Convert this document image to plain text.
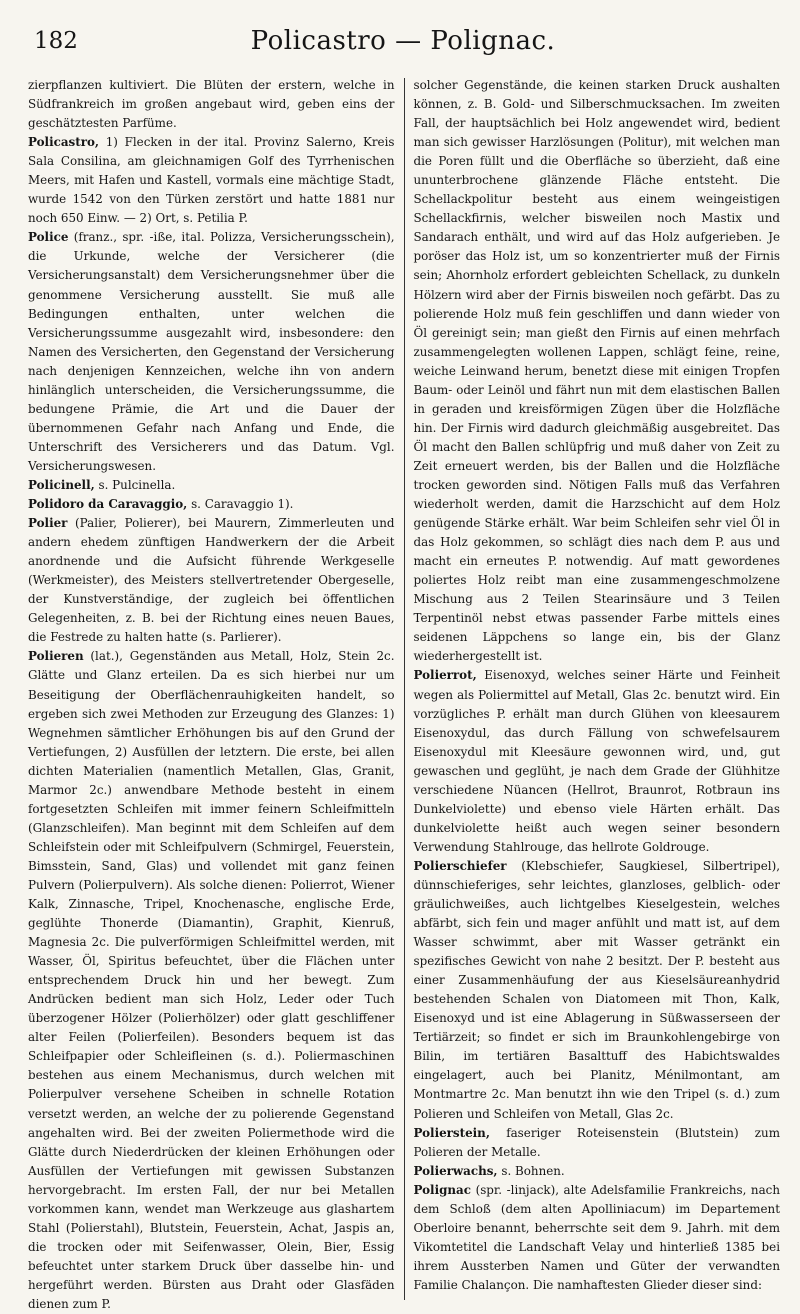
182	Policastro — Polignac.

zierpflanzen kultiviert. Die Blüten der erstern, welche in Südfrankreich im großen angebaut wird, geben eins der geschätztesten Parfüme.

Policastro, 1) Flecken in der ital. Provinz Salerno, Kreis Sala Consilina, am gleichnamigen Golf des Tyrrhenischen Meers, mit Hafen und Kastell, vormals eine mächtige Stadt, wurde 1542 von den Türken zerstört und hatte 1881 nur noch 650 Einw. — 2) Ort, s. Petilia P.

Police (franz., spr. -iße, ital. Polizza, Versicherungsschein), die Urkunde, welche der Versicherer (die Versicherungsanstalt) dem Versicherungsnehmer über die genommene Versicherung ausstellt. Sie muß alle Bedingungen enthalten, unter welchen die Versicherungssumme ausgezahlt wird, insbesondere: den Namen des Versicherten, den Gegenstand der Versicherung nach denjenigen Kennzeichen, welche ihn von andern hinlänglich unterscheiden, die Versicherungssumme, die bedungene Prämie, die Art und die Dauer der übernommenen Gefahr nach Anfang und Ende, die Unterschrift des Versicherers und das Datum. Vgl. Versicherungswesen.

Policinell, s. Pulcinella.

Polidoro da Caravaggio, s. Caravaggio 1).

Polier (Palier, Polierer), bei Maurern, Zimmerleuten und andern ehedem zünftigen Handwerkern der die Arbeit anordnende und die Aufsicht führende Werkgeselle (Werkmeister), des Meisters stellvertretender Obergeselle, der Kunstverständige, der zugleich bei öffentlichen Gelegenheiten, z. B. bei der Richtung eines neuen Baues, die Festrede zu halten hatte (s. Parlierer).

Polieren (lat.), Gegenständen aus Metall, Holz, Stein 2c. Glätte und Glanz erteilen. Da es sich hierbei nur um Beseitigung der Oberflächenrauhigkeiten handelt, so ergeben sich zwei Methoden zur Erzeugung des Glanzes: 1) Wegnehmen sämtlicher Erhöhungen bis auf den Grund der Vertiefungen, 2) Ausfüllen der letztern. Die erste, bei allen dichten Materialien (namentlich Metallen, Glas, Granit, Marmor 2c.) anwendbare Methode besteht in einem fortgesetzten Schleifen mit immer feinern Schleifmitteln (Glanzschleifen). Man beginnt mit dem Schleifen auf dem Schleifstein oder mit Schleifpulvern (Schmirgel, Feuerstein, Bimsstein, Sand, Glas) und vollendet mit ganz feinen Pulvern (Polierpulvern). Als solche dienen: Polierrot, Wiener Kalk, Zinnasche, Tripel, Knochenasche, englische Erde, geglühte Thonerde (Diamantin), Graphit, Kienruß, Magnesia 2c. Die pulverförmigen Schleifmittel werden, mit Wasser, Öl, Spiritus befeuchtet, über die Flächen unter entsprechendem Druck hin und her bewegt. Zum Andrücken bedient man sich Holz, Leder oder Tuch überzogener Hölzer (Polierhölzer) oder glatt geschliffener alter Feilen (Polierfeilen). Besonders bequem ist das Schleifpapier oder Schleifleinen (s. d.). Poliermaschinen bestehen aus einem Mechanismus, durch welchen mit Polierpulver versehene Scheiben in schnelle Rotation versetzt werden, an welche der zu polierende Gegenstand angehalten wird. Bei der zweiten Poliermethode wird die Glätte durch Niederdrücken der kleinen Erhöhungen oder Ausfüllen der Vertiefungen mit gewissen Substanzen hervorgebracht. Im ersten Fall, der nur bei Metallen vorkommen kann, wendet man Werkzeuge aus glashartem Stahl (Polierstahl), Blutstein, Feuerstein, Achat, Jaspis an, die trocken oder mit Seifenwasser, Olein, Bier, Essig befeuchtet unter starkem Druck über dasselbe hin- und hergeführt werden. Bürsten aus Draht oder Glasfäden dienen zum P.

solcher Gegenstände, die keinen starken Druck aushalten können, z. B. Gold- und Silberschmucksachen. Im zweiten Fall, der hauptsächlich bei Holz angewendet wird, bedient man sich gewisser Harzlösungen (Politur), mit welchen man die Poren füllt und die Oberfläche so überzieht, daß eine ununterbrochene glänzende Fläche entsteht. Die Schellackpolitur besteht aus einem weingeistigen Schellackfirnis, welcher bisweilen noch Mastix und Sandarach enthält, und wird auf das Holz aufgerieben. Je poröser das Holz ist, um so konzentrierter muß der Firnis sein; Ahornholz erfordert gebleichten Schellack, zu dunkeln Hölzern wird aber der Firnis bisweilen noch gefärbt. Das zu polierende Holz muß fein geschliffen und dann wieder von Öl gereinigt sein; man gießt den Firnis auf einen mehrfach zusammengelegten wollenen Lappen, schlägt feine, reine, weiche Leinwand herum, benetzt diese mit einigen Tropfen Baum- oder Leinöl und fährt nun mit dem elastischen Ballen in geraden und kreisförmigen Zügen über die Holzfläche hin. Der Firnis wird dadurch gleichmäßig ausgebreitet. Das Öl macht den Ballen schlüpfrig und muß daher von Zeit zu Zeit erneuert werden, bis der Ballen und die Holzfläche trocken geworden sind. Nötigen Falls muß das Verfahren wiederholt werden, damit die Harzschicht auf dem Holz genügende Stärke erhält. War beim Schleifen sehr viel Öl in das Holz gekommen, so schlägt dies nach dem P. aus und macht ein erneutes P. notwendig. Auf matt gewordenes poliertes Holz reibt man eine zusammengeschmolzene Mischung aus 2 Teilen Stearinsäure und 3 Teilen Terpentinöl nebst etwas passender Farbe mittels eines seidenen Läppchens so lange ein, bis der Glanz wiederhergestellt ist.

Polierrot, Eisenoxyd, welches seiner Härte und Feinheit wegen als Poliermittel auf Metall, Glas 2c. benutzt wird. Ein vorzügliches P. erhält man durch Glühen von kleesaurem Eisenoxydul, das durch Fällung von schwefelsaurem Eisenoxydul mit Kleesäure gewonnen wird, und, gut gewaschen und geglüht, je nach dem Grade der Glühhitze verschiedene Nüancen (Hellrot, Braunrot, Rotbraun ins Dunkelviolette) und ebenso viele Härten erhält. Das dunkelviolette heißt auch wegen seiner besondern Verwendung Stahlrouge, das hellrote Goldrouge.

Polierschiefer (Klebschiefer, Saugkiesel, Silbertripel), dünnschieferiges, sehr leichtes, glanzloses, gelblich- oder gräulichweißes, auch lichtgelbes Kieselgestein, welches abfärbt, sich fein und mager anfühlt und matt ist, auf dem Wasser schwimmt, aber mit Wasser getränkt ein spezifisches Gewicht von nahe 2 besitzt. Der P. besteht aus einer Zusammenhäufung der aus Kieselsäureanhydrid bestehenden Schalen von Diatomeen mit Thon, Kalk, Eisenoxyd und ist eine Ablagerung in Süßwasserseen der Tertiärzeit; so findet er sich im Braunkohlengebirge von Bilin, im tertiären Basalttuff des Habichtswaldes eingelagert, auch bei Planitz, Ménilmontant, am Montmartre 2c. Man benutzt ihn wie den Tripel (s. d.) zum Polieren und Schleifen von Metall, Glas 2c.

Polierstein, faseriger Roteisenstein (Blutstein) zum Polieren der Metalle.

Polierwachs, s. Bohnen.

Polignac (spr. -linjack), alte Adelsfamilie Frankreichs, nach dem Schloß (dem alten Apolliniacum) im Departement Oberloire benannt, beherrschte seit dem 9. Jahrh. mit dem Vikomtetitel die Landschaft Velay und hinterließ 1385 bei ihrem Aussterben Namen und Güter der verwandten Familie Chalançon. Die namhaftesten Glieder dieser sind:
